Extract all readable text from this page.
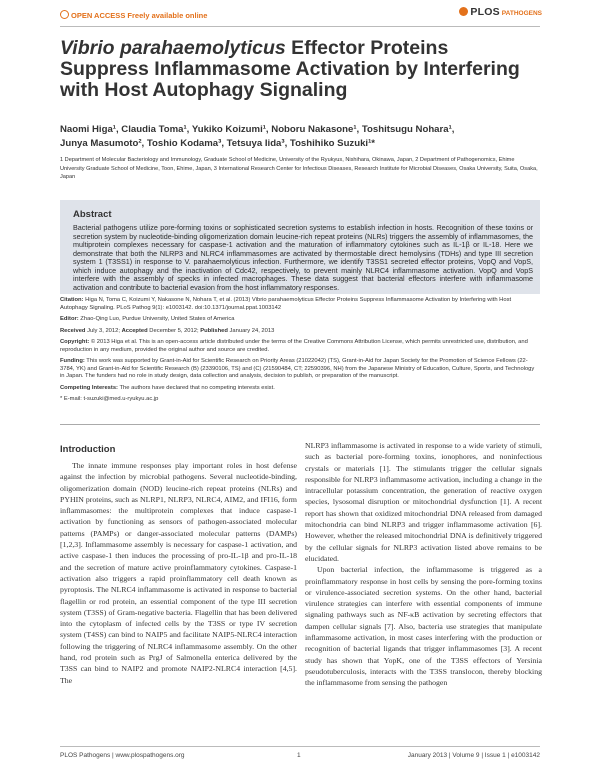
OPEN ACCESS Freely available online	PLOS PATHOGENS
Vibrio parahaemolyticus Effector Proteins Suppress Inflammasome Activation by Interfering with Host Autophagy Signaling
Naomi Higa¹, Claudia Toma¹, Yukiko Koizumi¹, Noboru Nakasone¹, Toshitsugu Nohara¹,
Junya Masumoto², Toshio Kodama³, Tetsuya Iida³, Toshihiko Suzuki¹*
1 Department of Molecular Bacteriology and Immunology, Graduate School of Medicine, University of the Ryukyus, Nishihara, Okinawa, Japan, 2 Department of Pathogenomics, Ehime University Graduate School of Medicine, Toon, Ehime, Japan, 3 International Research Center for Infectious Diseases, Research Institute for Microbial Diseases, Osaka University, Suita, Osaka, Japan
Abstract
Bacterial pathogens utilize pore-forming toxins or sophisticated secretion systems to establish infection in hosts. Recognition of these toxins or secretion system by nucleotide-binding oligomerization domain leucine-rich repeat proteins (NLRs) triggers the assembly of inflammasomes, the multiprotein complexes necessary for caspase-1 activation and the maturation of inflammatory cytokines such as IL-1β or IL-18. Here we demonstrate that both the NLRP3 and NLRC4 inflammasomes are activated by thermostable direct hemolysins (TDHs) and type III secretion system 1 (T3SS1) in response to V. parahaemolyticus infection. Furthermore, we identify T3SS1 secreted effector proteins, VopQ and VopS, which induce autophagy and the inactivation of Cdc42, respectively, to prevent mainly NLRC4 inflammasome activation. VopQ and VopS interfere with the assembly of specks in infected macrophages. These data suggest that bacterial effectors interfere with inflammasome activation and contribute to bacterial evasion from the host inflammatory responses.

Citation: Higa N, Toma C, Koizumi Y, Nakasone N, Nohara T, et al. (2013) Vibrio parahaemolyticus Effector Proteins Suppress Inflammasome Activation by Interfering with Host Autophagy Signaling. PLoS Pathog 9(1): e1003142. doi:10.1371/journal.ppat.1003142

Editor: Zhao-Qing Luo, Purdue University, United States of America

Received July 3, 2012; Accepted December 5, 2012; Published January 24, 2013

Copyright: © 2013 Higa et al. This is an open-access article distributed under the terms of the Creative Commons Attribution License, which permits unrestricted use, distribution, and reproduction in any medium, provided the original author and source are credited.

Funding: This work was supported by Grant-in-Aid for Scientific Research on Priority Areas (21022042) (TS), Grant-in-Aid for Japan Society for the Promotion of Science Fellows (22-3784, YK) and Grant-in-Aid for Scientific Research (B) (23390106, TS) and (C) (21590484, CT; 22590396, NH) from the Japanese Ministry of Education, Culture, Sports, and Technology in Japan. The funders had no role in study design, data collection and analysis, decision to publish, or preparation of the manuscript.

Competing Interests: The authors have declared that no competing interests exist.

* E-mail: t-suzuki@med.u-ryukyu.ac.jp

Introduction

The innate immune responses play important roles in host defense against the infection by microbial pathogens. Several nucleotide-binding, oligomerization domain (NOD) leucine-rich repeat proteins (NLRs) and PYHIN proteins, such as NLRP1, NLRP3, NLRC4, AIM2, and IFI16, form inflammasomes: the multiprotein complexes that induce caspase-1 activation by functioning as sensors of pathogen-associated molecular patterns (PAMPs) or danger-associated molecular patterns (DAMPs) [1,2,3]. Inflammasome assembly is necessary for caspase-1 activation, and active caspase-1 then induces the processing of pro-IL-1β and pro-IL-18 and the secretion of mature active proinflammatory cytokines. Caspase-1 activation also triggers a rapid proinflammatory cell death known as pyroptosis. The NLRC4 inflammasome is activated in response to bacterial flagellin or rod protein, an essential component of the type III secretion system (T3SS) of Gram-negative bacteria. Flagellin that has been delivered into the cytoplasm of infected cells by the T3SS or type IV secretion system (T4SS) can bind to NAIP5 and facilitate NAIP5-NLRC4 interaction following the triggering of NLRC4 inflammasome assembly. On the other hand, rod protein such as PrgJ of Salmonella enterica delivered by the T3SS can bind to NAIP2 and promote NAIP2-NLRC4 interaction [4,5]. The

NLRP3 inflammasome is activated in response to a wide variety of stimuli, such as bacterial pore-forming toxins, ionophores, and noninfectious crystals or materials [1]. The stimulants trigger the cellular signals responsible for NLRP3 inflammasome activation, including a change in the intracellular potassium concentration, the generation of reactive oxygen species, lysosomal disruption or mitochondrial dysfunction [1]. A recent report has shown that oxidized mitochondrial DNA released from damaged mitochondria can bind NLRP3 and trigger inflammasome activation [6]. However, whether the released mitochondrial DNA is definitively triggered by the cellular signals for NLRP3 activation listed above remains to be elucidated.

Upon bacterial infection, the inflammasome is triggered as a proinflammatory response in host cells by sensing the pore-forming toxins or virulence-associated secretion systems. On the other hand, bacterial virulence strategies can interfere with essential components of immune signaling pathways such as NF-κB activation by secreting effectors that dampen cellular signals [7]. Also, bacteria use strategies that manipulate inflammasome activation, in most cases interfering with the production or recognition of bacterial ligands that trigger inflammasomes [3]. A recent study has shown that YopK, one of the T3SS effectors of Yersinia pseudotuberculosis, interacts with the T3SS translocon, thereby blocking the inflammasome from sensing the pathogen

PLOS Pathogens | www.plospathogens.org	1	January 2013 | Volume 9 | Issue 1 | e1003142
